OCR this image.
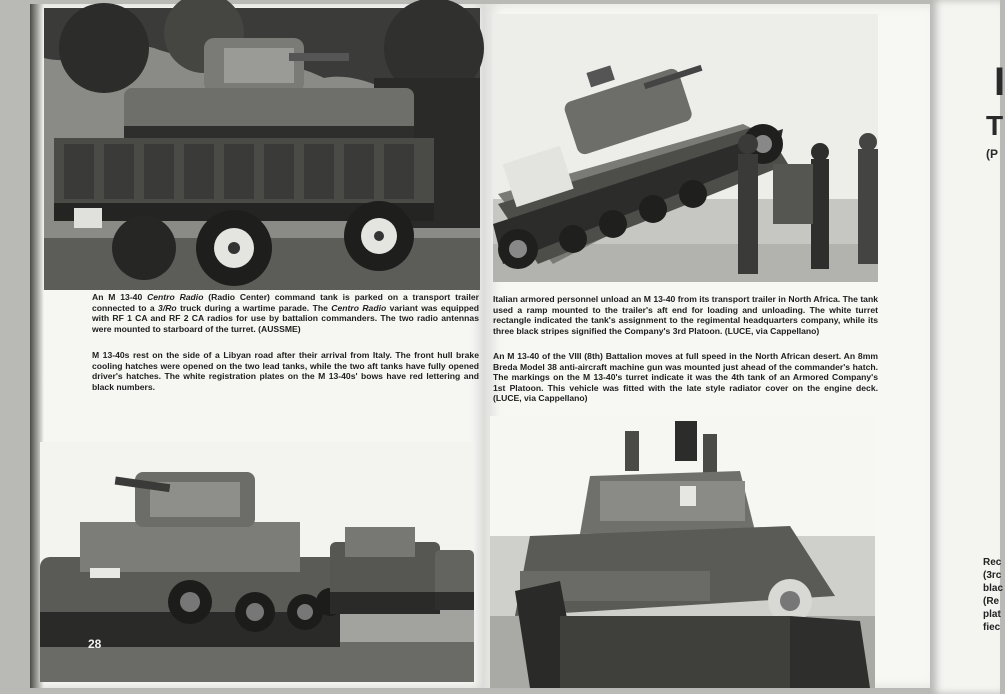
An M 13-40 Centro Radio (Radio Center) command tank is parked on a transport trailer connected to a 3/Ro truck during a wartime parade. The Centro Radio variant was equipped with RF 1 CA and RF 2 CA radios for use by battalion commanders. The two radio antennas were mounted to starboard of the turret. (AUSSME)

M 13-40s rest on the side of a Libyan road after their arrival from Italy. The front hull brake cooling hatches were opened on the two lead tanks, while the two aft tanks have fully opened driver's hatches. The white registration plates on the M 13-40s' bows have red lettering and black numbers.

28

Italian armored personnel unload an M 13-40 from its transport trailer in North Africa. The tank used a ramp mounted to the trailer's aft end for loading and unloading. The white turret rectangle indicated the tank's assignment to the regimental headquarters company, while its three black stripes signified the Company's 3rd Platoon. (LUCE, via Cappellano)

An M 13-40 of the VIII (8th) Battalion moves at full speed in the North African desert. An 8mm Breda Model 38 anti-aircraft machine gun was mounted just ahead of the commander's hatch. The markings on the M 13-40's turret indicate it was the 4th tank of an Armored Company's 1st Platoon. This vehicle was fitted with the late style radiator cover on the engine deck. (LUCE, via Cappellano)

I
T
(P
Rec
(3rc
blac
(Re
plat
fiec
